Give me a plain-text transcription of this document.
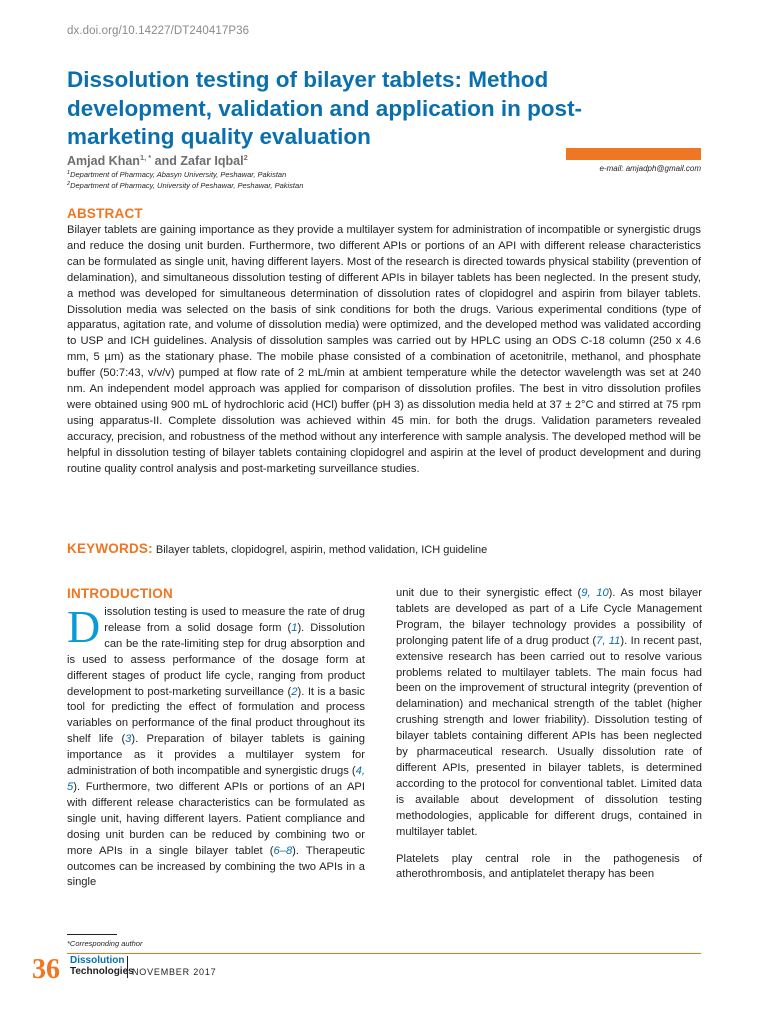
dx.doi.org/10.14227/DT240417P36
Dissolution testing of bilayer tablets: Method development, validation and application in post-marketing quality evaluation
Amjad Khan$^{1, *}$ and Zafar Iqbal$^2$
$^1$Department of Pharmacy, Abasyn University, Peshawar, Pakistan
$^2$Department of Pharmacy, University of Peshawar, Peshawar, Pakistan
e-mail: amjadph@gmail.com
ABSTRACT

Bilayer tablets are gaining importance as they provide a multilayer system for administration of incompatible or synergistic drugs and reduce the dosing unit burden. Furthermore, two different APIs or portions of an API with different release characteristics can be formulated as single unit, having different layers. Most of the research is directed towards physical stability (prevention of delamination), and simultaneous dissolution testing of different APIs in bilayer tablets has been neglected. In the present study, a method was developed for simultaneous determination of dissolution rates of clopidogrel and aspirin from bilayer tablets. Dissolution media was selected on the basis of sink conditions for both the drugs. Various experimental conditions (type of apparatus, agitation rate, and volume of dissolution media) were optimized, and the developed method was validated according to USP and ICH guidelines. Analysis of dissolution samples was carried out by HPLC using an ODS C-18 column (250 x 4.6 mm, 5 µm) as the stationary phase. The mobile phase consisted of a combination of acetonitrile, methanol, and phosphate buffer (50:7:43, v/v/v) pumped at flow rate of 2 mL/min at ambient temperature while the detector wavelength was set at 240 nm. An independent model approach was applied for comparison of dissolution profiles. The best in vitro dissolution profiles were obtained using 900 mL of hydrochloric acid (HCl) buffer (pH 3) as dissolution media held at 37 ± 2°C and stirred at 75 rpm using apparatus-II. Complete dissolution was achieved within 45 min. for both the drugs. Validation parameters revealed accuracy, precision, and robustness of the method without any interference with sample analysis. The developed method will be helpful in dissolution testing of bilayer tablets containing clopidogrel and aspirin at the level of product development and during routine quality control analysis and post-marketing surveillance studies.

KEYWORDS: Bilayer tablets, clopidogrel, aspirin, method validation, ICH guideline
INTRODUCTION

Dissolution testing is used to measure the rate of drug release from a solid dosage form (1). Dissolution can be the rate-limiting step for drug absorption and is used to assess performance of the dosage form at different stages of product life cycle, ranging from product development to post-marketing surveillance (2). It is a basic tool for predicting the effect of formulation and process variables on performance of the final product throughout its shelf life (3). Preparation of bilayer tablets is gaining importance as it provides a multilayer system for administration of both incompatible and synergistic drugs (4, 5). Furthermore, two different APIs or portions of an API with different release characteristics can be formulated as single unit, having different layers. Patient compliance and dosing unit burden can be reduced by combining two or more APIs in a single bilayer tablet (6–8). Therapeutic outcomes can be increased by combining the two APIs in a single

unit due to their synergistic effect (9, 10). As most bilayer tablets are developed as part of a Life Cycle Management Program, the bilayer technology provides a possibility of prolonging patent life of a drug product (7, 11). In recent past, extensive research has been carried out to resolve various problems related to multilayer tablets. The main focus had been on the improvement of structural integrity (prevention of delamination) and mechanical strength of the tablet (higher crushing strength and lower friability). Dissolution testing of bilayer tablets containing different APIs has been neglected by pharmaceutical research. Usually dissolution rate of different APIs, presented in bilayer tablets, is determined according to the protocol for conventional tablet. Limited data is available about development of dissolution testing methodologies, applicable for different drugs, contained in multilayer tablet.

Platelets play central role in the pathogenesis of atherothrombosis, and antiplatelet therapy has been

*Corresponding author
36 Dissolution
Technologies
NOVEMBER 2017
